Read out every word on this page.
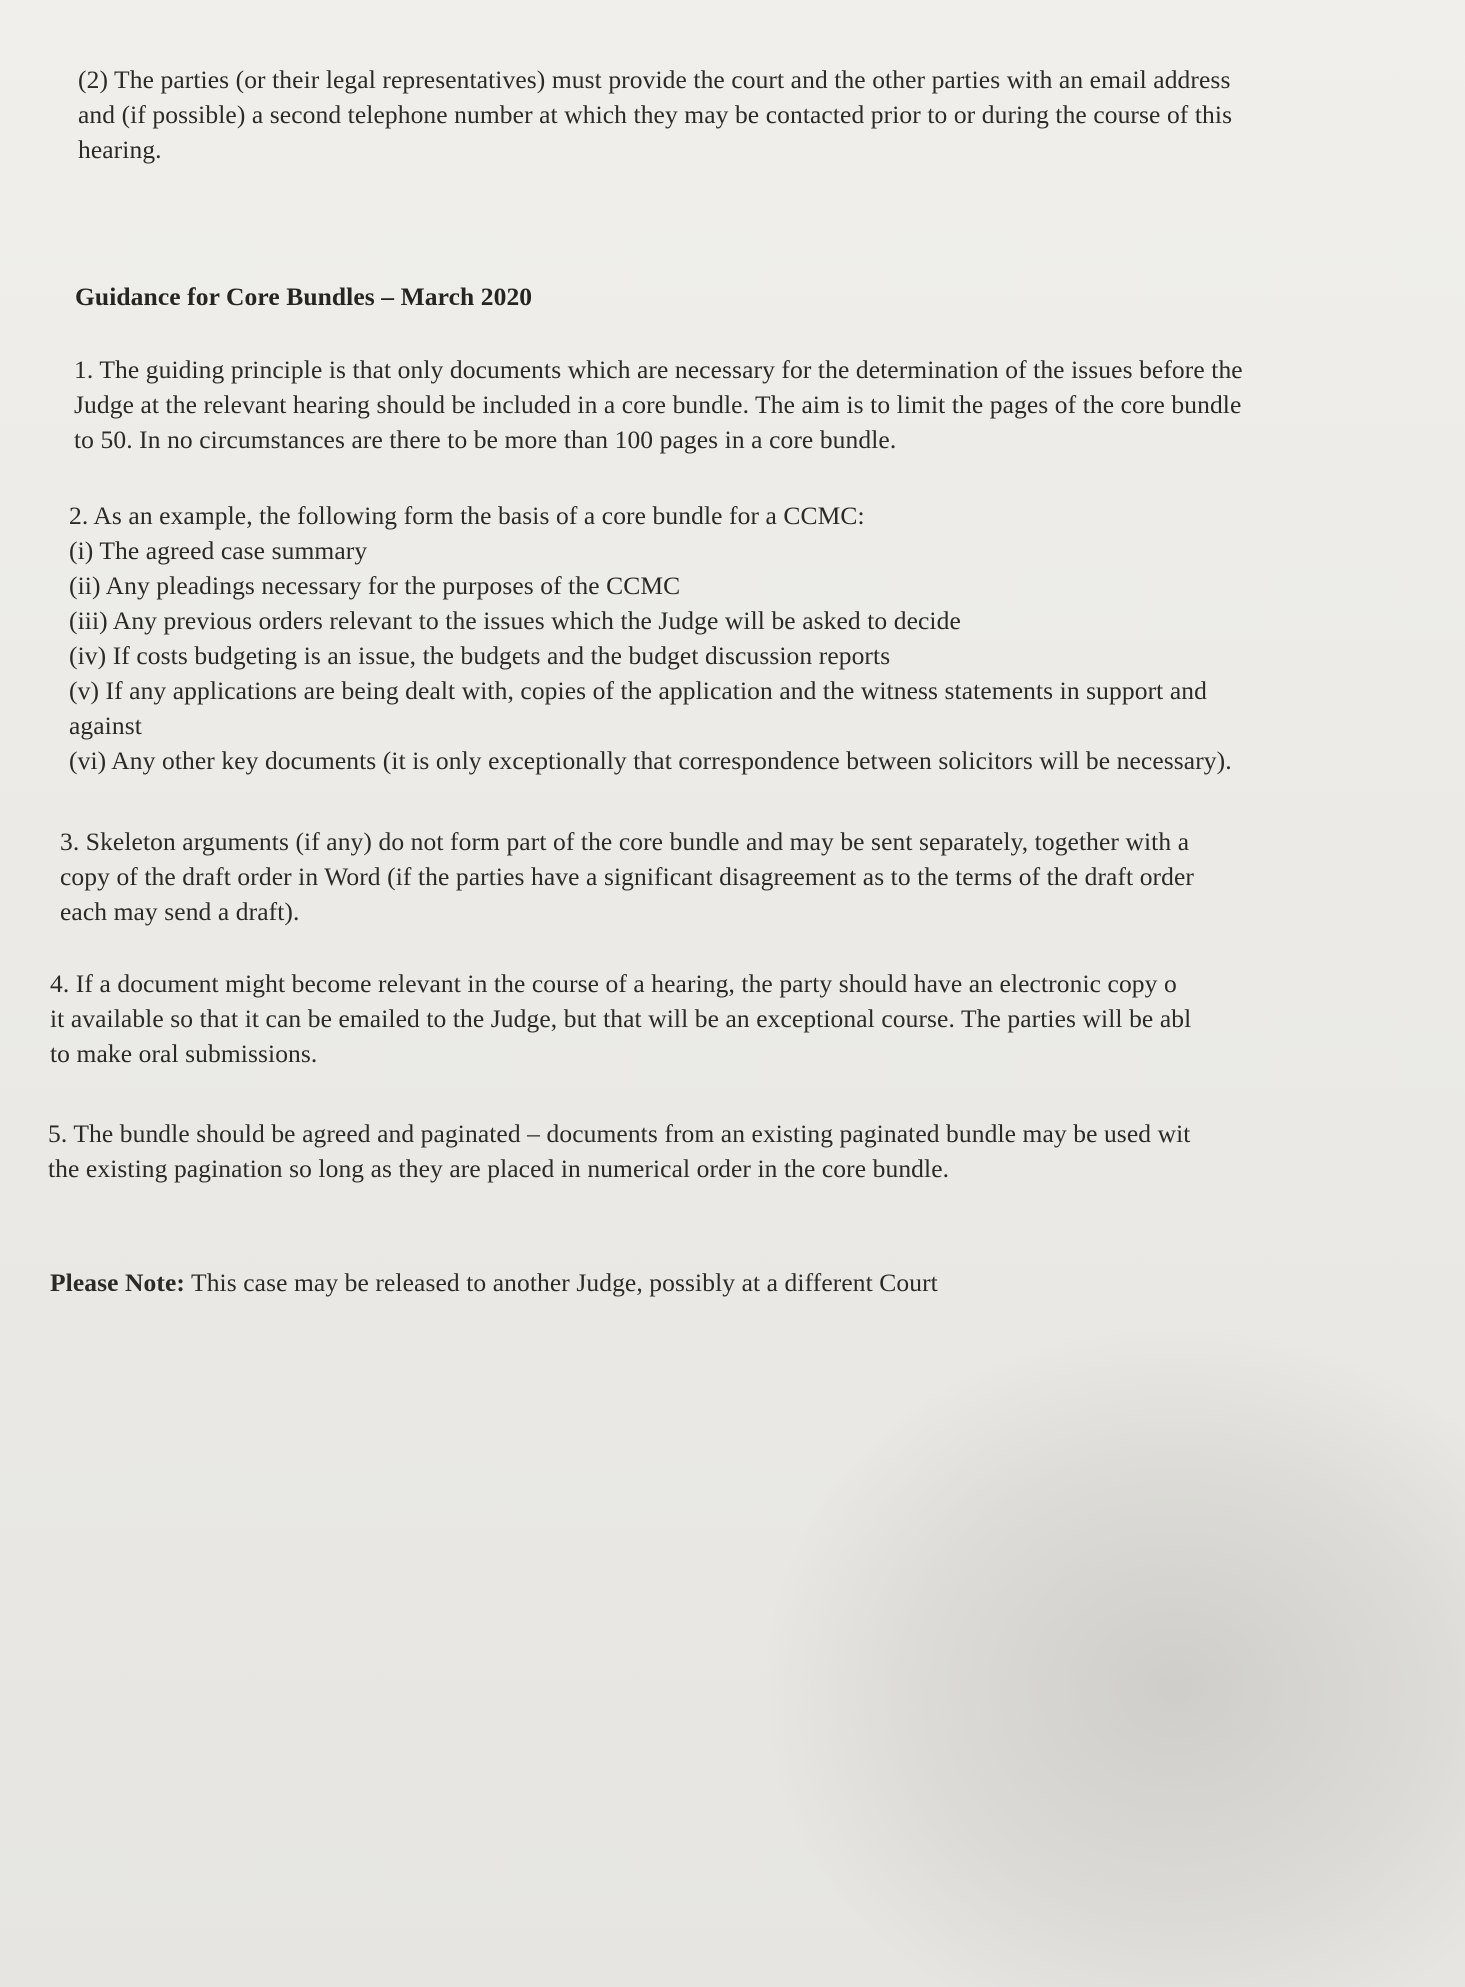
(2) The parties (or their legal representatives) must provide the court and the other parties with an email address
and (if possible) a second telephone number at which they may be contacted prior to or during the course of this
hearing.
Guidance for Core Bundles – March 2020
1. The guiding principle is that only documents which are necessary for the determination of the issues before the
Judge at the relevant hearing should be included in a core bundle. The aim is to limit the pages of the core bundle
to 50. In no circumstances are there to be more than 100 pages in a core bundle.
2. As an example, the following form the basis of a core bundle for a CCMC:
(i) The agreed case summary
(ii) Any pleadings necessary for the purposes of the CCMC
(iii) Any previous orders relevant to the issues which the Judge will be asked to decide
(iv) If costs budgeting is an issue, the budgets and the budget discussion reports
(v) If any applications are being dealt with, copies of the application and the witness statements in support and
against
(vi) Any other key documents (it is only exceptionally that correspondence between solicitors will be necessary).
3. Skeleton arguments (if any) do not form part of the core bundle and may be sent separately, together with a
copy of the draft order in Word (if the parties have a significant disagreement as to the terms of the draft order
each may send a draft).
4. If a document might become relevant in the course of a hearing, the party should have an electronic copy o
it available so that it can be emailed to the Judge, but that will be an exceptional course. The parties will be abl
to make oral submissions.
5. The bundle should be agreed and paginated – documents from an existing paginated bundle may be used wit
the existing pagination so long as they are placed in numerical order in the core bundle.
Please Note: This case may be released to another Judge, possibly at a different Court
